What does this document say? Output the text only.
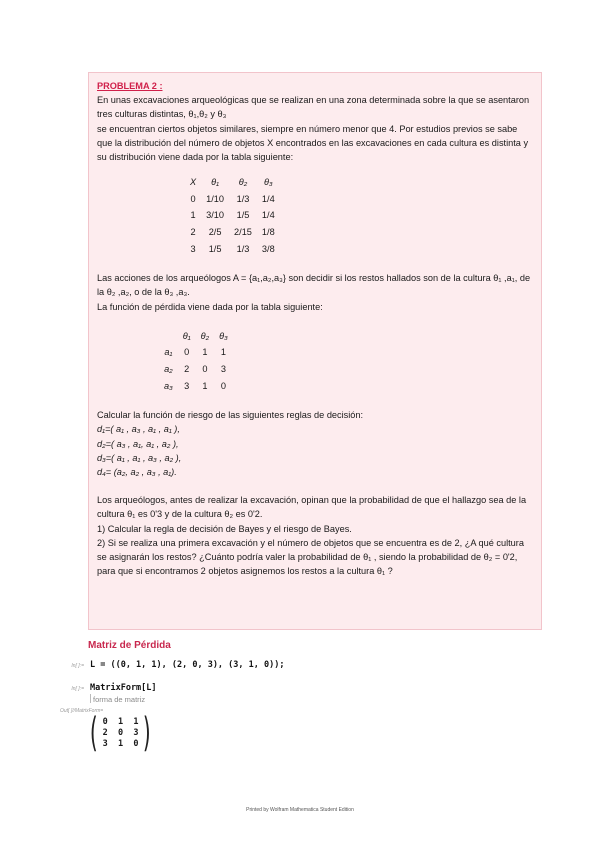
PROBLEMA 2 :

En unas excavaciones arqueológicas que se realizan en una zona determinada sobre la que se asentaron tres culturas distintas, θ₁,θ₂ y θ₃

se encuentran ciertos objetos similares, siempre en número menor que 4. Por estudios previos se sabe que la distribución del número de objetos X encontrados en las excavaciones en cada cultura es distinta y su distribución viene dada por la tabla siguiente:

X	θ₁	θ₂	θ₃
0	1/10	1/3	1/4
1	3/10	1/5	1/4
2	2/5	2/15	1/8
3	1/5	1/3	3/8

Las acciones de los arqueólogos A = {a₁,a₂,a₃} son decidir si los restos hallados son de la cultura θ₁ ,a₁, de la θ₂ ,a₂, o de la θ₃ ,a₃.

La función de pérdida viene dada por la tabla siguiente:

	θ₁	θ₂	θ₃
a₁	0	1	1
a₂	2	0	3
a₃	3	1	0

Calcular la función de riesgo de las siguientes reglas de decisión:

d₁=( a₁ , a₃ , a₁ , a₁ ),

d₂=( a₃ , a₁, a₁ , a₂ ),

d₃=( a₁ , a₁ , a₃ , a₂ ),

d₄= (a₂, a₂ , a₃ , a₁).

Los arqueólogos, antes de realizar la excavación, opinan que la probabilidad de que el hallazgo sea de la cultura θ₁ es 0'3 y de la cultura θ₂ es 0'2.

1) Calcular la regla de decisión de Bayes y el riesgo de Bayes.

2) Si se realiza una primera excavación y el número de objetos que se encuentra es de 2, ¿A qué cultura se asignarán los restos? ¿Cuánto podría valer la probabilidad de θ₁ , siendo la probabilidad de θ₂ = 0'2, para que si encontramos 2 objetos asignemos los restos a la cultura θ₁ ?

Matriz de Pérdida
In[ ]:= L = ((0, 1, 1), (2, 0, 3), (3, 1, 0));
In[ ]:= MatrixForm[L]
forma de matriz
Out[ ]//MatrixForm=
( 0  1  1
2  0  3
3  1  0 )
Printed by Wolfram Mathematica Student Edition
